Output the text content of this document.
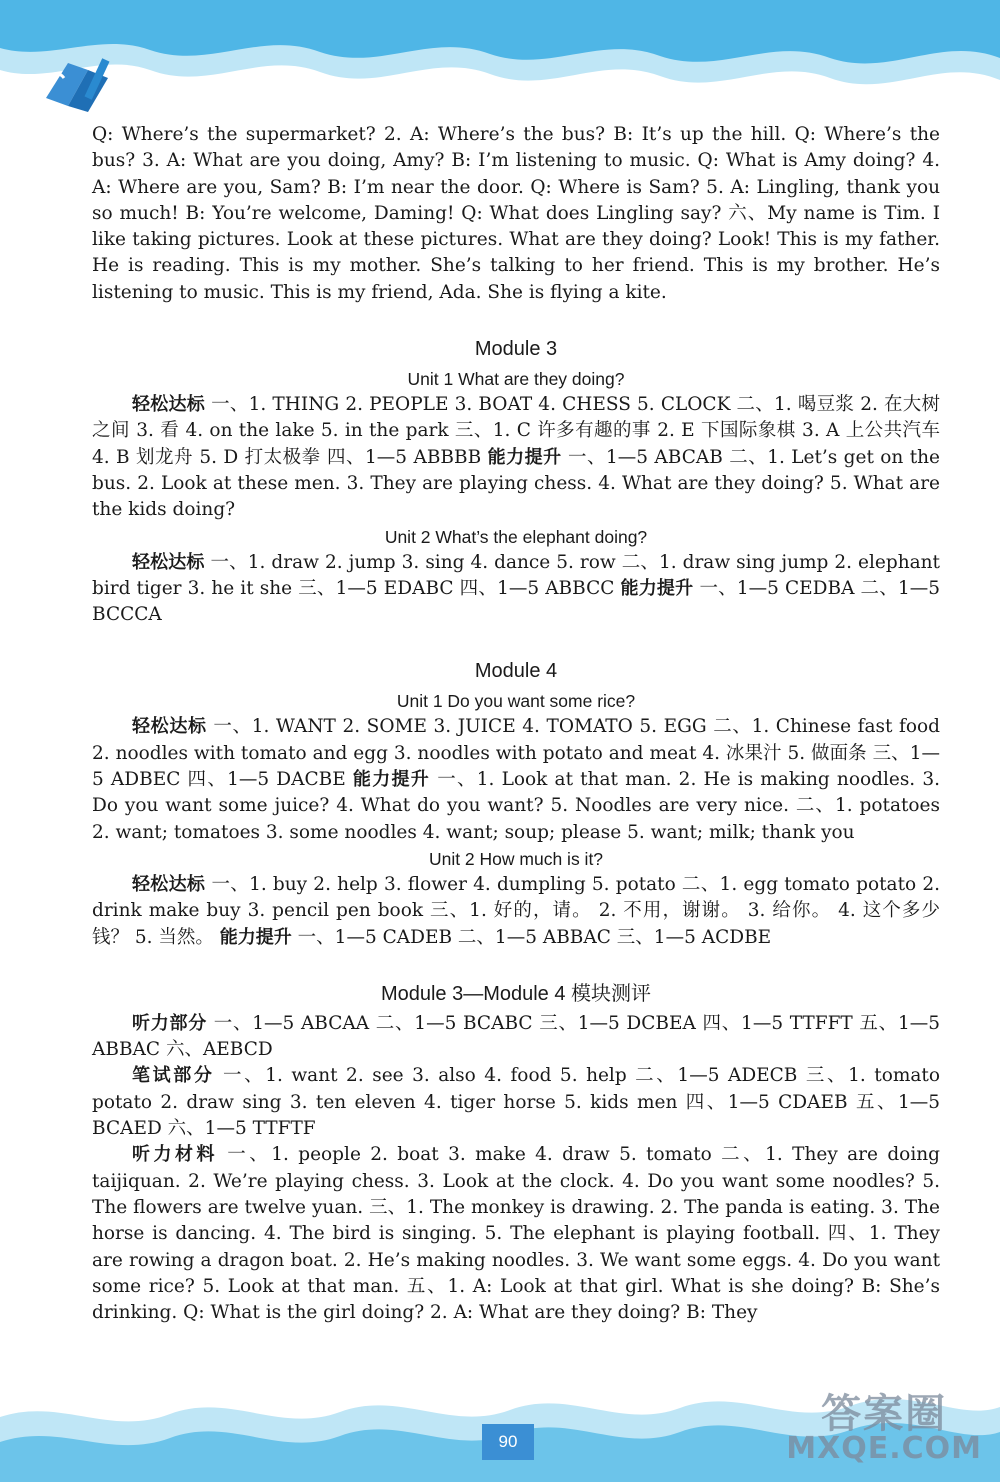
Q: Where’s the supermarket? 2. A: Where’s the bus? B: It’s up the hill. Q: Where’s the bus? 3. A: What are you doing, Amy? B: I’m listening to music. Q: What is Amy doing? 4. A: Where are you, Sam? B: I’m near the door. Q: Where is Sam? 5. A: Lingling, thank you so much! B: You’re welcome, Daming! Q: What does Lingling say? 六、My name is Tim. I like taking pictures. Look at these pictures. What are they doing? Look! This is my father. He is reading. This is my mother. She’s talking to her friend. This is my brother. He’s listening to music. This is my friend, Ada. She is flying a kite.

Module 3
Unit 1 What are they doing?

轻松达标 一、1. THING 2. PEOPLE 3. BOAT 4. CHESS 5. CLOCK 二、1. 喝豆浆 2. 在大树之间 3. 看 4. on the lake 5. in the park 三、1. C 许多有趣的事 2. E 下国际象棋 3. A 上公共汽车 4. B 划龙舟 5. D 打太极拳 四、1—5 ABBBB 能力提升 一、1—5 ABCAB 二、1. Let’s get on the bus. 2. Look at these men. 3. They are playing chess. 4. What are they doing? 5. What are the kids doing?

Unit 2 What’s the elephant doing?

轻松达标 一、1. draw 2. jump 3. sing 4. dance 5. row 二、1. draw sing jump 2. elephant bird tiger 3. he it she 三、1—5 EDABC 四、1—5 ABBCC 能力提升 一、1—5 CEDBA 二、1—5 BCCCA

Module 4
Unit 1 Do you want some rice?

轻松达标 一、1. WANT 2. SOME 3. JUICE 4. TOMATO 5. EGG 二、1. Chinese fast food 2. noodles with tomato and egg 3. noodles with potato and meat 4. 冰果汁 5. 做面条 三、1—5 ADBEC 四、1—5 DACBE 能力提升 一、1. Look at that man. 2. He is making noodles. 3. Do you want some juice? 4. What do you want? 5. Noodles are very nice. 二、1. potatoes 2. want; tomatoes 3. some noodles 4. want; soup; please 5. want; milk; thank you

Unit 2 How much is it?

轻松达标 一、1. buy 2. help 3. flower 4. dumpling 5. potato 二、1. egg tomato potato 2. drink make buy 3. pencil pen book 三、1. 好的，请。 2. 不用，谢谢。 3. 给你。 4. 这个多少钱？ 5. 当然。 能力提升 一、1—5 CADEB 二、1—5 ABBAC 三、1—5 ACDBE

Module 3—Module 4 模块测评

听力部分 一、1—5 ABCAA 二、1—5 BCABC 三、1—5 DCBEA 四、1—5 TTFFT 五、1—5 ABBAC 六、AEBCD

笔试部分 一、1. want 2. see 3. also 4. food 5. help 二、1—5 ADECB 三、1. tomato potato 2. draw sing 3. ten eleven 4. tiger horse 5. kids men 四、1—5 CDAEB 五、1—5 BCAED 六、1—5 TTFTF

听力材料 一、1. people 2. boat 3. make 4. draw 5. tomato 二、1. They are doing taijiquan. 2. We’re playing chess. 3. Look at the clock. 4. Do you want some noodles? 5. The flowers are twelve yuan. 三、1. The monkey is drawing. 2. The panda is eating. 3. The horse is dancing. 4. The bird is singing. 5. The elephant is playing football. 四、1. They are rowing a dragon boat. 2. He’s making noodles. 3. We want some eggs. 4. Do you want some rice? 5. Look at that man. 五、1. A: Look at that girl. What is she doing? B: She’s drinking. Q: What is the girl doing? 2. A: What are they doing? B: They

90
答案圈
MXQE.COM
